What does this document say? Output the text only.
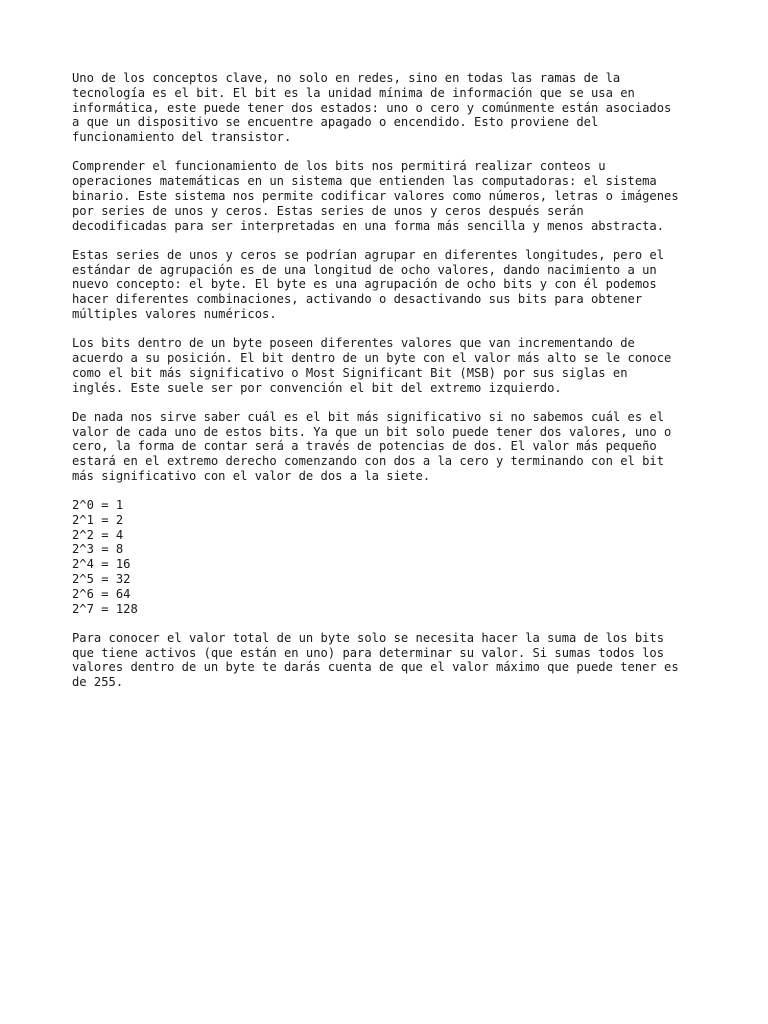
Uno de los conceptos clave, no solo en redes, sino en todas las ramas de la
tecnología es el bit. El bit es la unidad mínima de información que se usa en
informática, este puede tener dos estados: uno o cero y comúnmente están asociados
a que un dispositivo se encuentre apagado o encendido. Esto proviene del
funcionamiento del transistor.
Comprender el funcionamiento de los bits nos permitirá realizar conteos u
operaciones matemáticas en un sistema que entienden las computadoras: el sistema
binario. Este sistema nos permite codificar valores como números, letras o imágenes
por series de unos y ceros. Estas series de unos y ceros después serán
decodificadas para ser interpretadas en una forma más sencilla y menos abstracta.
Estas series de unos y ceros se podrían agrupar en diferentes longitudes, pero el
estándar de agrupación es de una longitud de ocho valores, dando nacimiento a un
nuevo concepto: el byte. El byte es una agrupación de ocho bits y con él podemos
hacer diferentes combinaciones, activando o desactivando sus bits para obtener
múltiples valores numéricos.
Los bits dentro de un byte poseen diferentes valores que van incrementando de
acuerdo a su posición. El bit dentro de un byte con el valor más alto se le conoce
como el bit más significativo o Most Significant Bit (MSB) por sus siglas en
inglés. Este suele ser por convención el bit del extremo izquierdo.
De nada nos sirve saber cuál es el bit más significativo si no sabemos cuál es el
valor de cada uno de estos bits. Ya que un bit solo puede tener dos valores, uno o
cero, la forma de contar será a través de potencias de dos. El valor más pequeño
estará en el extremo derecho comenzando con dos a la cero y terminando con el bit
más significativo con el valor de dos a la siete.
2^0 = 1
2^1 = 2
2^2 = 4
2^3 = 8
2^4 = 16
2^5 = 32
2^6 = 64
2^7 = 128
Para conocer el valor total de un byte solo se necesita hacer la suma de los bits
que tiene activos (que están en uno) para determinar su valor. Si sumas todos los
valores dentro de un byte te darás cuenta de que el valor máximo que puede tener es
de 255.
